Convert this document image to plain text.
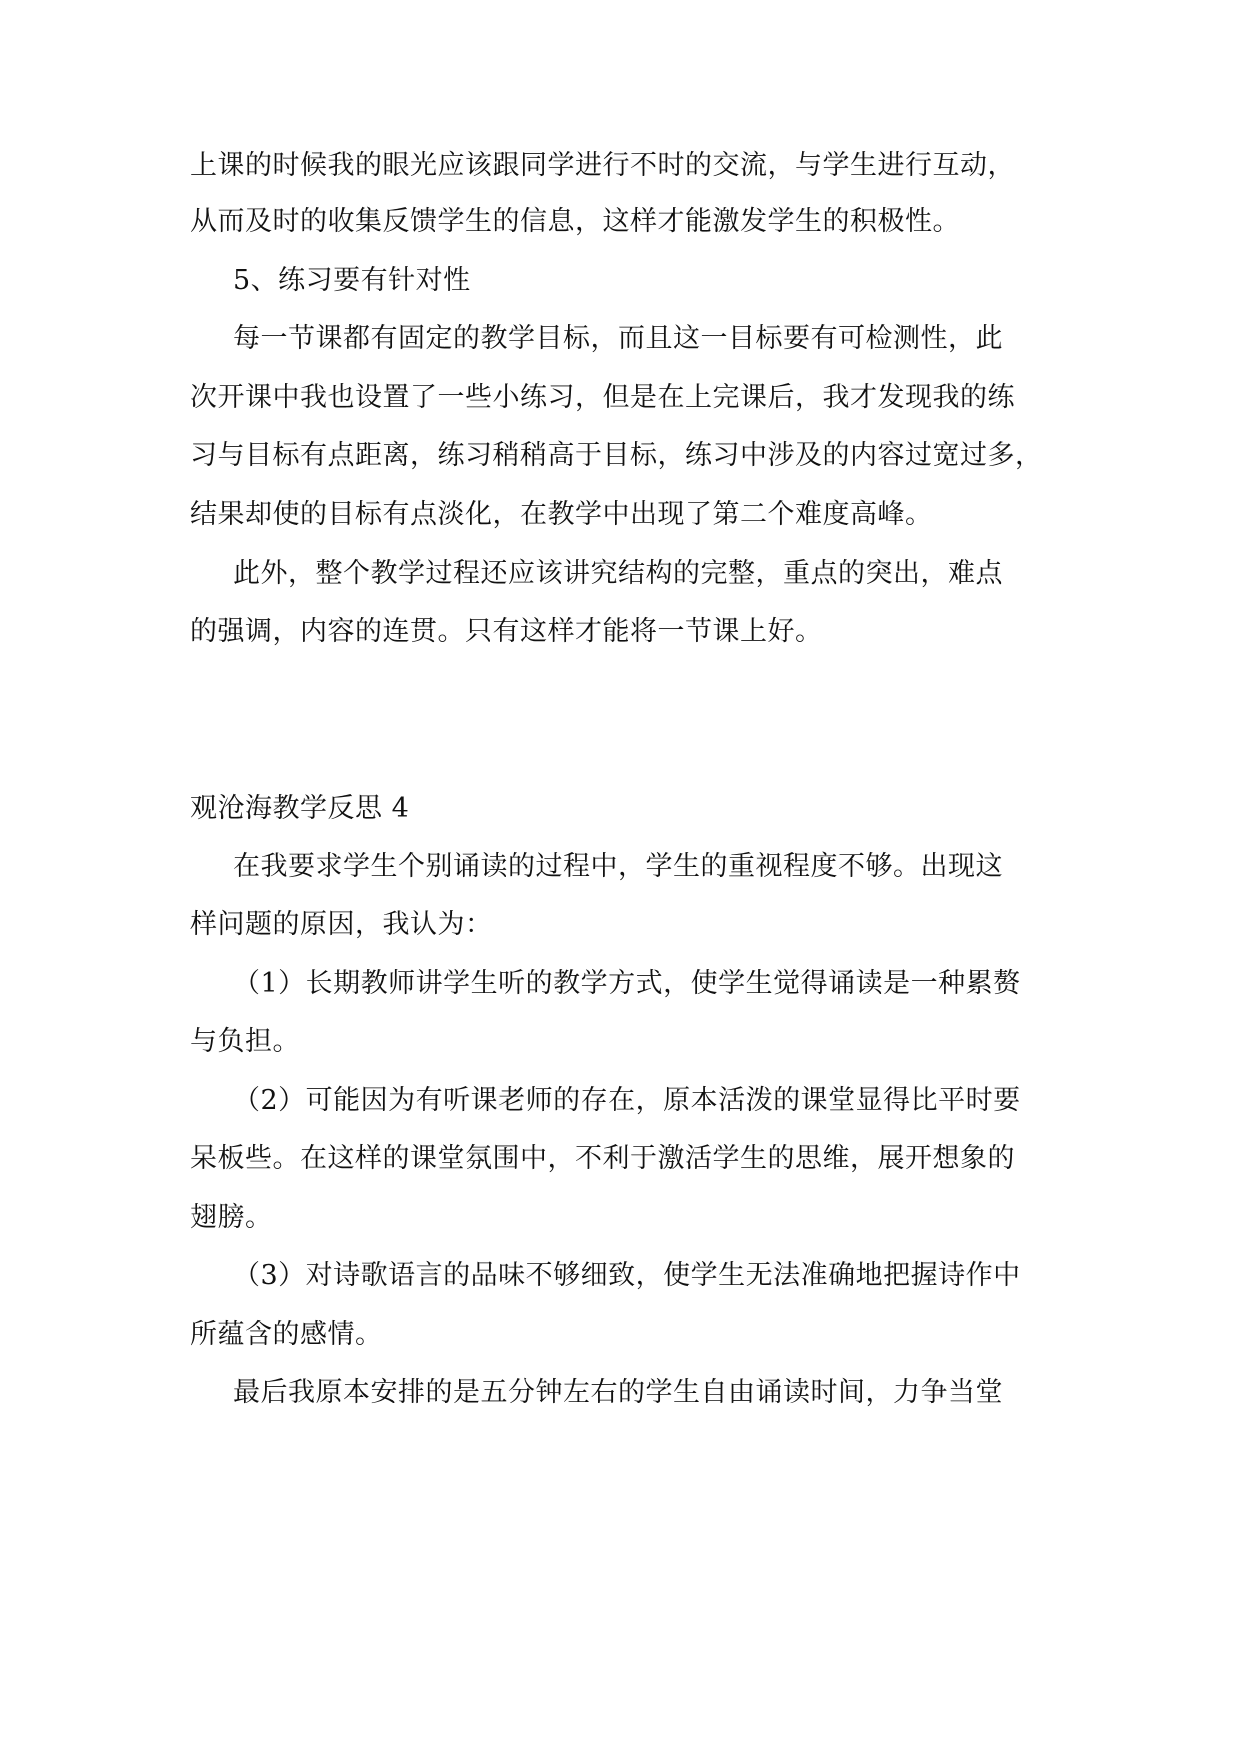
上课的时候我的眼光应该跟同学进行不时的交流，与学生进行互动，
从而及时的收集反馈学生的信息，这样才能激发学生的积极性。
5、练习要有针对性
每一节课都有固定的教学目标，而且这一目标要有可检测性，此
次开课中我也设置了一些小练习，但是在上完课后，我才发现我的练
习与目标有点距离，练习稍稍高于目标，练习中涉及的内容过宽过多，
结果却使的目标有点淡化，在教学中出现了第二个难度高峰。
此外，整个教学过程还应该讲究结构的完整，重点的突出，难点
的强调，内容的连贯。只有这样才能将一节课上好。
观沧海教学反思 4
在我要求学生个别诵读的过程中，学生的重视程度不够。出现这
样问题的原因，我认为：
（1）长期教师讲学生听的教学方式，使学生觉得诵读是一种累赘
与负担。
（2）可能因为有听课老师的存在，原本活泼的课堂显得比平时要
呆板些。在这样的课堂氛围中，不利于激活学生的思维，展开想象的
翅膀。
（3）对诗歌语言的品味不够细致，使学生无法准确地把握诗作中
所蕴含的感情。
最后我原本安排的是五分钟左右的学生自由诵读时间，力争当堂
